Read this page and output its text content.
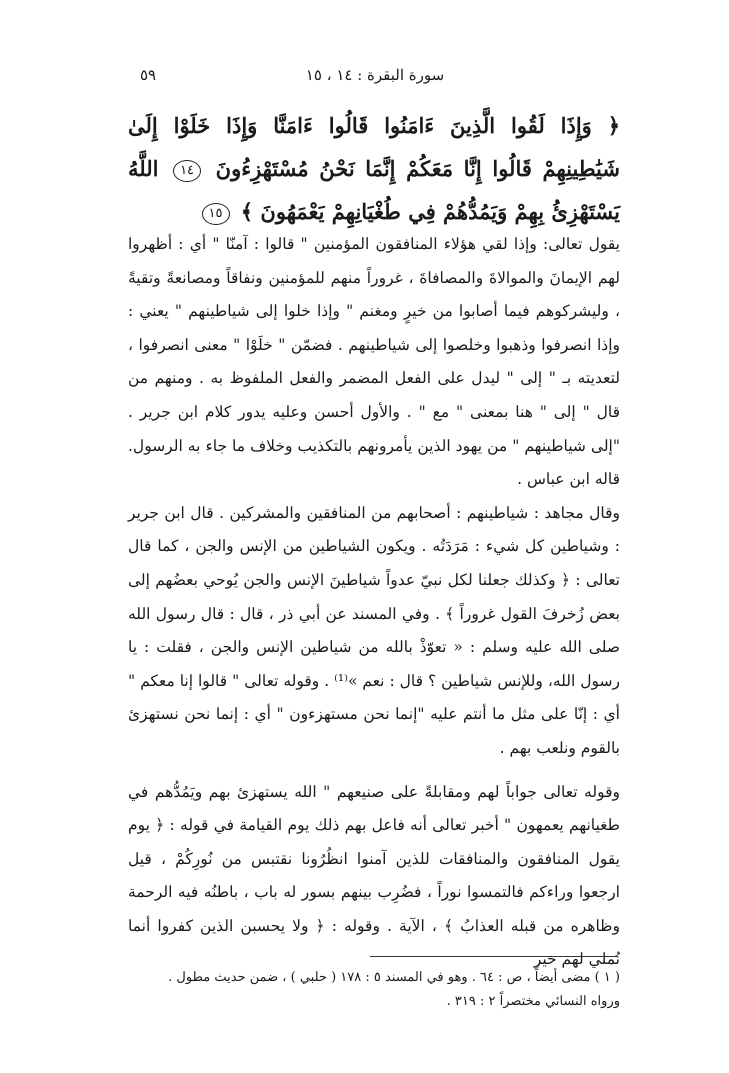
سورة البقرة : ١٤ ، ١٥
٥٩
﴿ وَإِذَا لَقُوا الَّذِينَ ءَامَنُوا قَالُوا ءَامَنَّا وَإِذَا خَلَوْا إِلَىٰ شَيَٰطِينِهِمْ قَالُوا إِنَّا مَعَكُمْ إِنَّمَا نَحْنُ مُسْتَهْزِءُونَ ١٤ اللَّهُ يَسْتَهْزِئُ بِهِمْ وَيَمُدُّهُمْ فِي طُغْيَانِهِمْ يَعْمَهُونَ ﴾ ١٥

يقول تعالى: وإذا لقي هؤلاء المنافقون المؤمنين " قالوا : آمنّا " أي : أظهروا لهم الإيمانَ والموالاةَ والمصافاةَ ، غروراً منهم للمؤمنين ونفاقاً ومصانعةً وتقيةً ، وليشركوهم فيما أصابوا من خيرٍ ومغنم " وإذا خلوا إلى شياطينهم " يعني : وإذا انصرفوا وذهبوا وخلصوا إلى شياطينهم . فضمّن " خلَوْا " معنى انصرفوا ، لتعديته بـ " إلى " ليدل على الفعل المضمر والفعل الملفوظ به . ومنهم من قال " إلى " هنا بمعنى " مع " . والأول أحسن وعليه يدور كلام ابن جرير . "إلى شياطينهم " من يهود الذين يأمرونهم بالتكذيب وخلاف ما جاء به الرسول. قاله ابن عباس .

وقال مجاهد : شياطينهم : أصحابهم من المنافقين والمشركين . قال ابن جرير : وشياطين كل شيء : مَرَدَتُه . ويكون الشياطين من الإنس والجن ، كما قال تعالى : ﴿ وكذلك جعلنا لكل نبيّ عدواً شياطينَ الإنس والجن يُوحي بعضُهم إلى بعض زُخرفَ القول غروراً ﴾ . وفي المسند عن أبي ذر ، قال : قال رسول الله صلى الله عليه وسلم : « تعوّذْ بالله من شياطين الإنس والجن ، فقلت : يا رسول الله، وللإنس شياطين ؟ قال : نعم »⁽¹⁾ . وقوله تعالى " قالوا إنا معكم " أي : إنّا على مثل ما أنتم عليه "إنما نحن مستهزءون " أي : إنما نحن نستهزئ بالقوم ونلعب بهم .

وقوله تعالى جواباً لهم ومقابلةً على صنيعهم " الله يستهزئ بهم ويَمُدُّهم في طغيانهم يعمهون " أخبر تعالى أنه فاعل بهم ذلك يوم القيامة في قوله : ﴿ يوم يقول المنافقون والمنافقات للذين آمنوا انظُرُونا نقتبس من نُورِكُمْ ، قيل ارجعوا وراءكم فالتمسوا نوراً ، فضُرِب بينهم بسور له باب ، باطنُه فيه الرحمة وظاهره من قبله العذابُ ﴾ ، الآية . وقوله : ﴿ ولا يحسبن الذين كفروا أنما نُملي لهم خير

( ١ ) مضى أيضاً ، ص : ٦٤ . وهو في المسند ٥ : ١٧٨ ( حلبي ) ، ضمن حديث مطول .
ورواه النسائي مختصراً ٢ : ٣١٩ .
